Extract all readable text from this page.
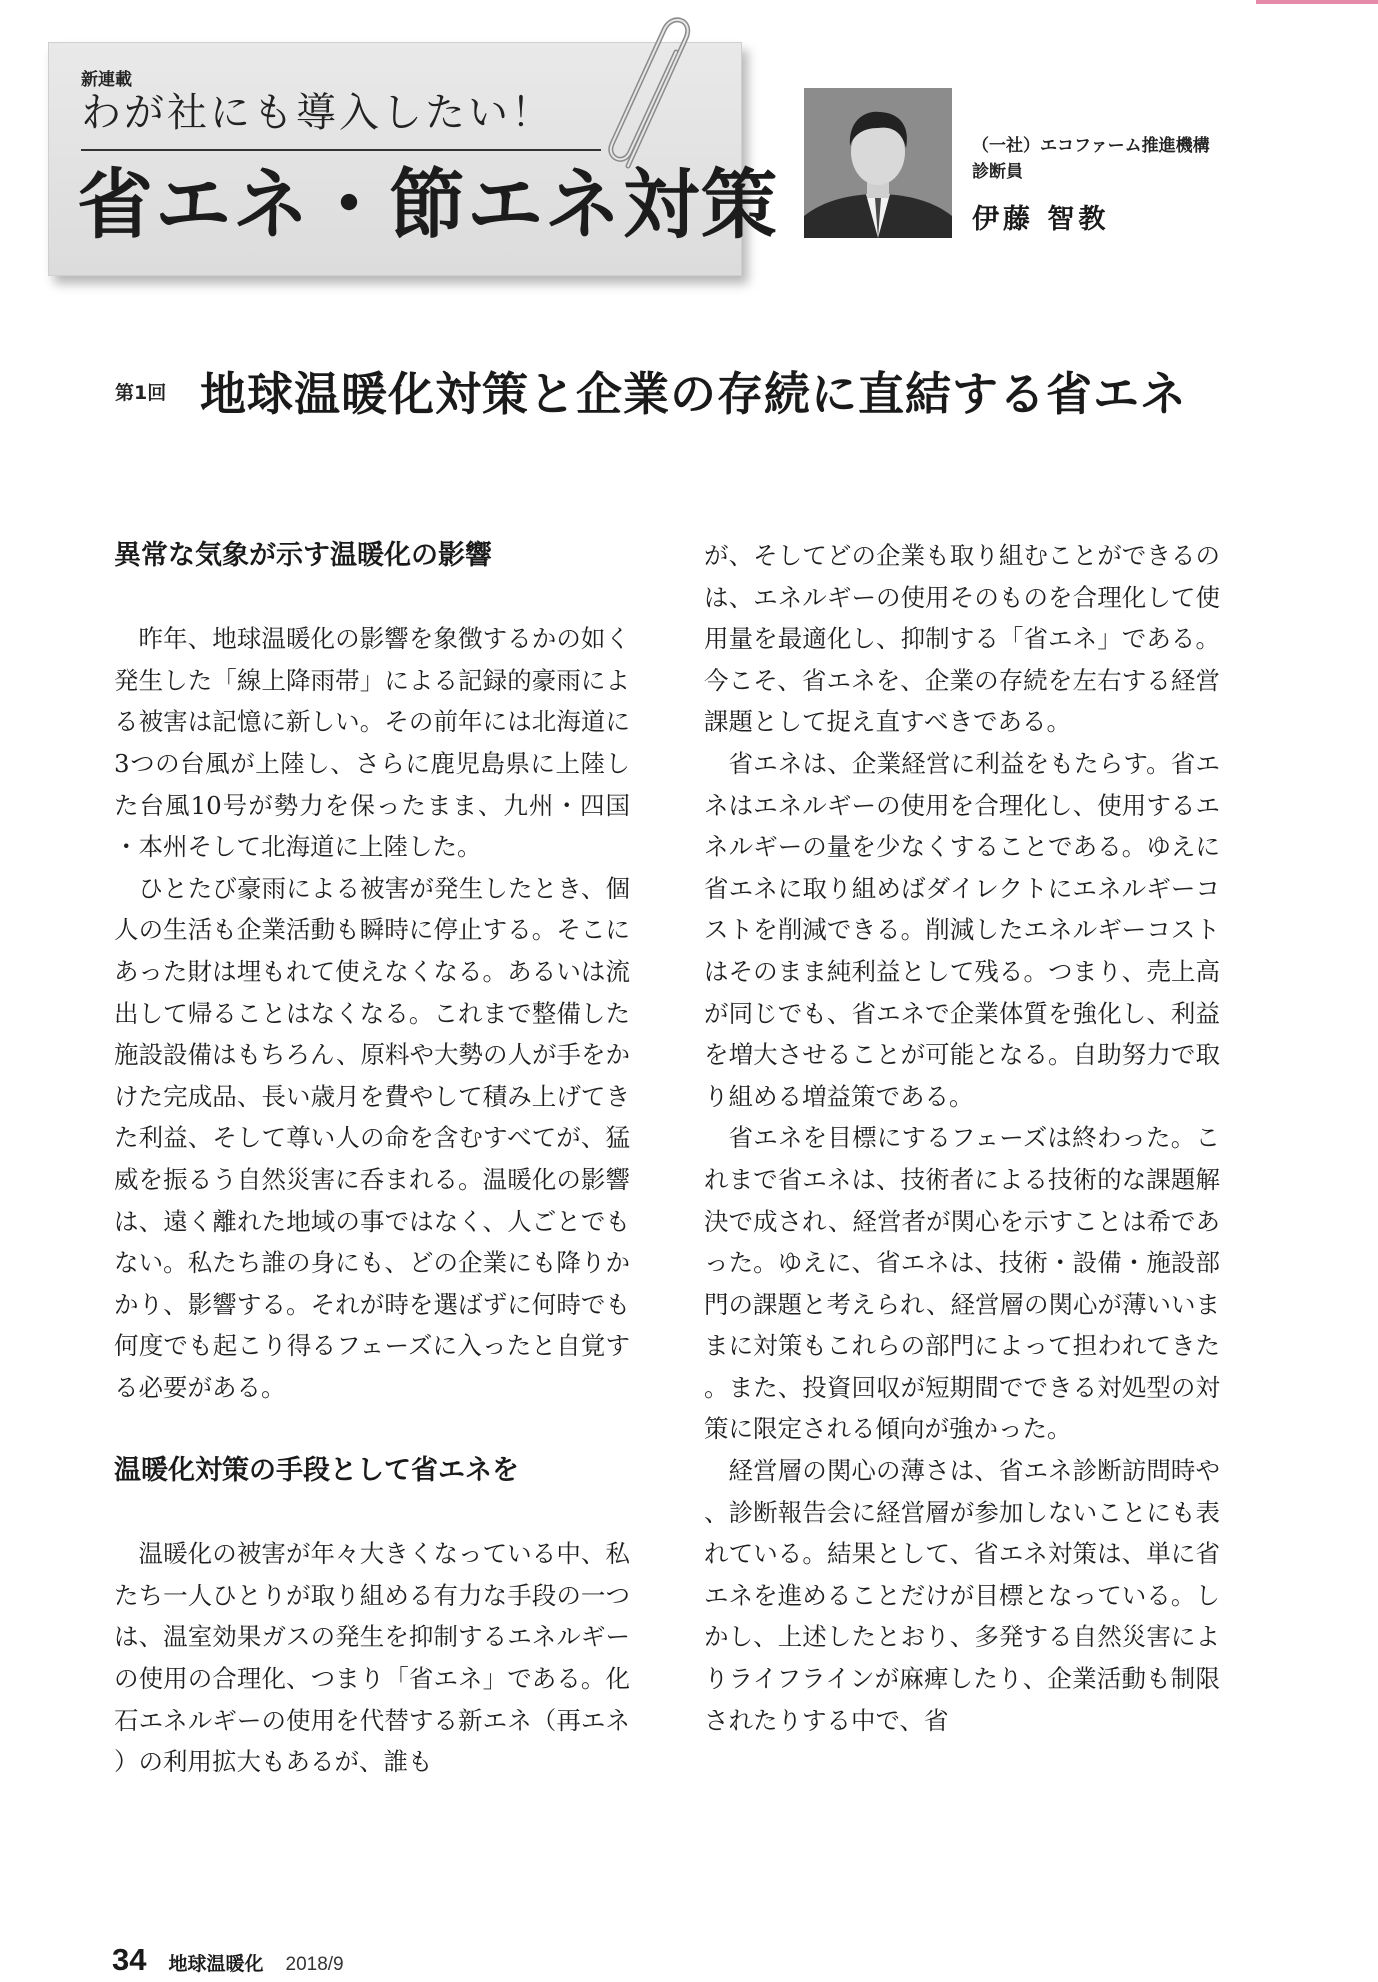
新連載
わが社にも導入したい！
省エネ・節エネ対策
（一社）エコファーム推進機構
診断員
伊藤 智教
第1回 地球温暖化対策と企業の存続に直結する省エネ
異常な気象が示す温暖化の影響

昨年、地球温暖化の影響を象徴するかの如く発生した「線上降雨帯」による記録的豪雨による被害は記憶に新しい。その前年には北海道に3つの台風が上陸し、さらに鹿児島県に上陸した台風10号が勢力を保ったまま、九州・四国・本州そして北海道に上陸した。

ひとたび豪雨による被害が発生したとき、個人の生活も企業活動も瞬時に停止する。そこにあった財は埋もれて使えなくなる。あるいは流出して帰ることはなくなる。これまで整備した施設設備はもちろん、原料や大勢の人が手をかけた完成品、長い歳月を費やして積み上げてきた利益、そして尊い人の命を含むすべてが、猛威を振るう自然災害に呑まれる。温暖化の影響は、遠く離れた地域の事ではなく、人ごとでもない。私たち誰の身にも、どの企業にも降りかかり、影響する。それが時を選ばずに何時でも何度でも起こり得るフェーズに入ったと自覚する必要がある。

温暖化対策の手段として省エネを

温暖化の被害が年々大きくなっている中、私たち一人ひとりが取り組める有力な手段の一つは、温室効果ガスの発生を抑制するエネルギーの使用の合理化、つまり「省エネ」である。化石エネルギーの使用を代替する新エネ（再エネ）の利用拡大もあるが、誰も

が、そしてどの企業も取り組むことができるのは、エネルギーの使用そのものを合理化して使用量を最適化し、抑制する「省エネ」である。今こそ、省エネを、企業の存続を左右する経営課題として捉え直すべきである。

省エネは、企業経営に利益をもたらす。省エネはエネルギーの使用を合理化し、使用するエネルギーの量を少なくすることである。ゆえに省エネに取り組めばダイレクトにエネルギーコストを削減できる。削減したエネルギーコストはそのまま純利益として残る。つまり、売上高が同じでも、省エネで企業体質を強化し、利益を増大させることが可能となる。自助努力で取り組める増益策である。

省エネを目標にするフェーズは終わった。これまで省エネは、技術者による技術的な課題解決で成され、経営者が関心を示すことは希であった。ゆえに、省エネは、技術・設備・施設部門の課題と考えられ、経営層の関心が薄いいままに対策もこれらの部門によって担われてきた。また、投資回収が短期間でできる対処型の対策に限定される傾向が強かった。

経営層の関心の薄さは、省エネ診断訪問時や、診断報告会に経営層が参加しないことにも表れている。結果として、省エネ対策は、単に省エネを進めることだけが目標となっている。しかし、上述したとおり、多発する自然災害によりライフラインが麻痺したり、企業活動も制限されたりする中で、省

34 地球温暖化 2018/9
